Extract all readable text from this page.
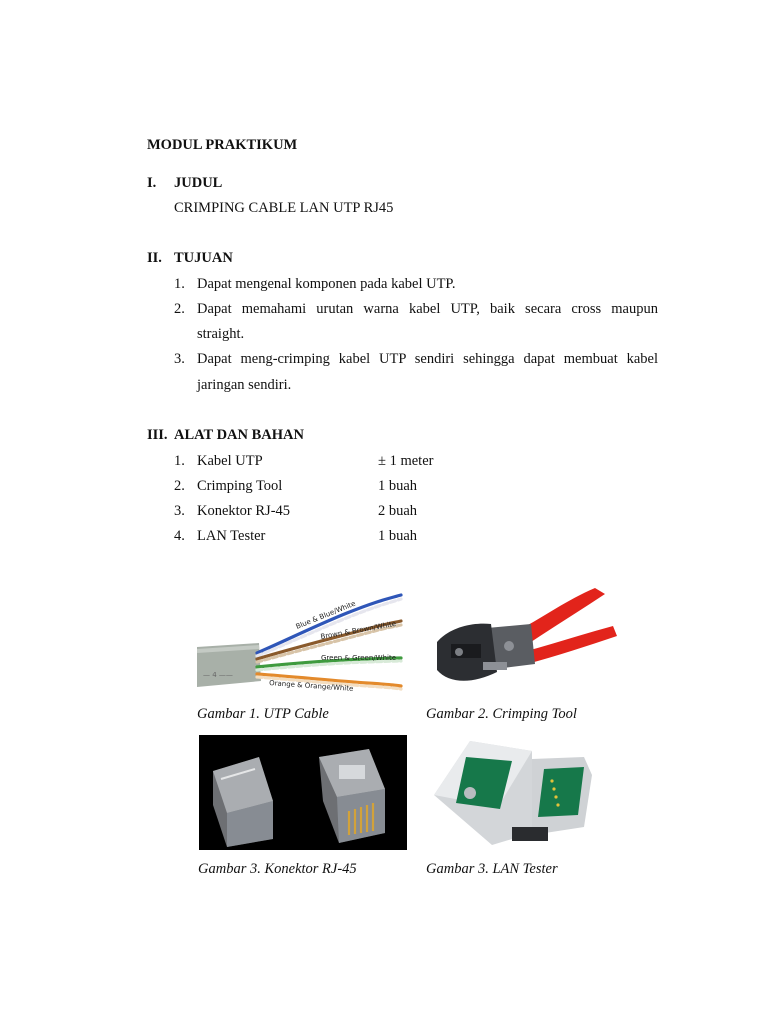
MODUL PRAKTIKUM
I. JUDUL
CRIMPING CABLE LAN UTP RJ45
II. TUJUAN
1. Dapat mengenal komponen pada kabel UTP.
2. Dapat memahami urutan warna kabel UTP, baik secara cross maupun
straight.
3. Dapat meng-crimping kabel UTP sendiri sehingga dapat membuat kabel
jaringan sendiri.
III. ALAT DAN BAHAN
1. Kabel UTP	± 1 meter
2. Crimping Tool	1 buah
3. Konektor RJ-45	2 buah
4. LAN Tester	1 buah
— 4 ——
Blue & Blue/White
Brown & Brown/White
Green & Green/White
Orange & Orange/White
Gambar 1. UTP Cable	Gambar 2. Crimping Tool
Gambar 3. Konektor RJ-45	Gambar 3. LAN Tester
